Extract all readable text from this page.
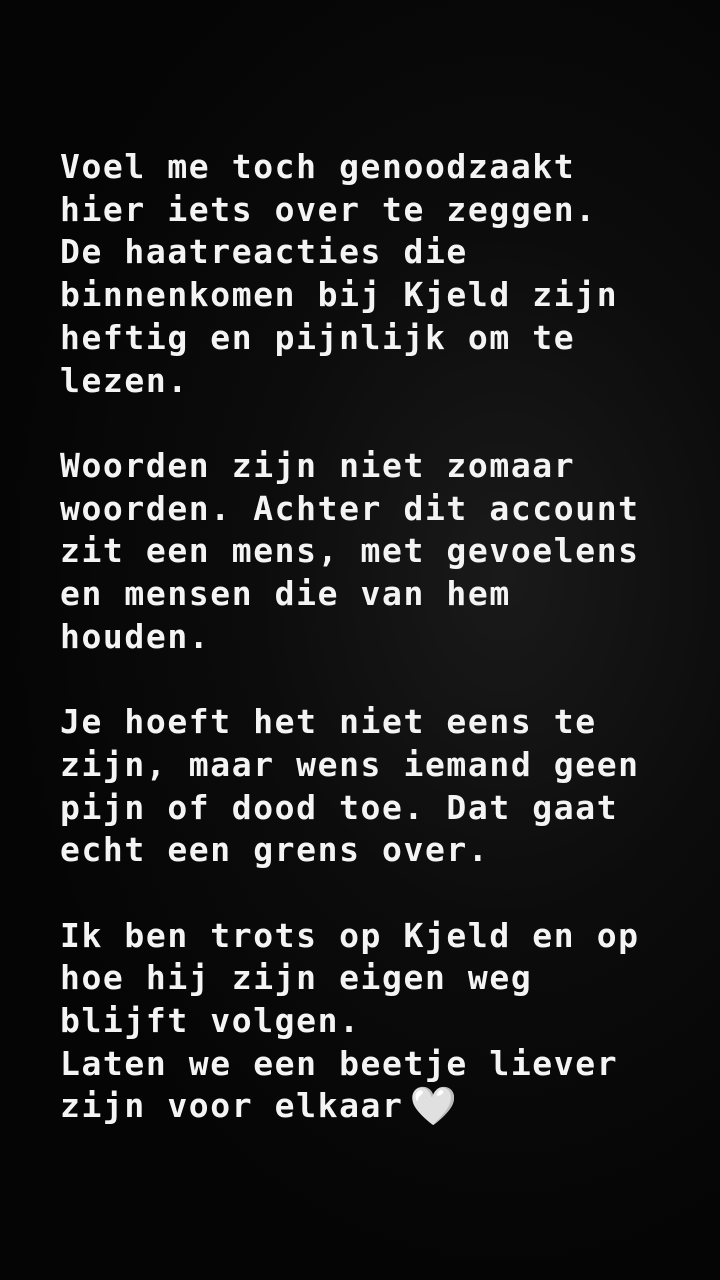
Voel me toch genoodzaakt
hier iets over te zeggen.
De haatreacties die
binnenkomen bij Kjeld zijn
heftig en pijnlijk om te
lezen.
Woorden zijn niet zomaar
woorden. Achter dit account
zit een mens, met gevoelens
en mensen die van hem
houden.
Je hoeft het niet eens te
zijn, maar wens iemand geen
pijn of dood toe. Dat gaat
echt een grens over.
Ik ben trots op Kjeld en op
hoe hij zijn eigen weg
blijft volgen.
Laten we een beetje liever
zijn voor elkaar 🤍
